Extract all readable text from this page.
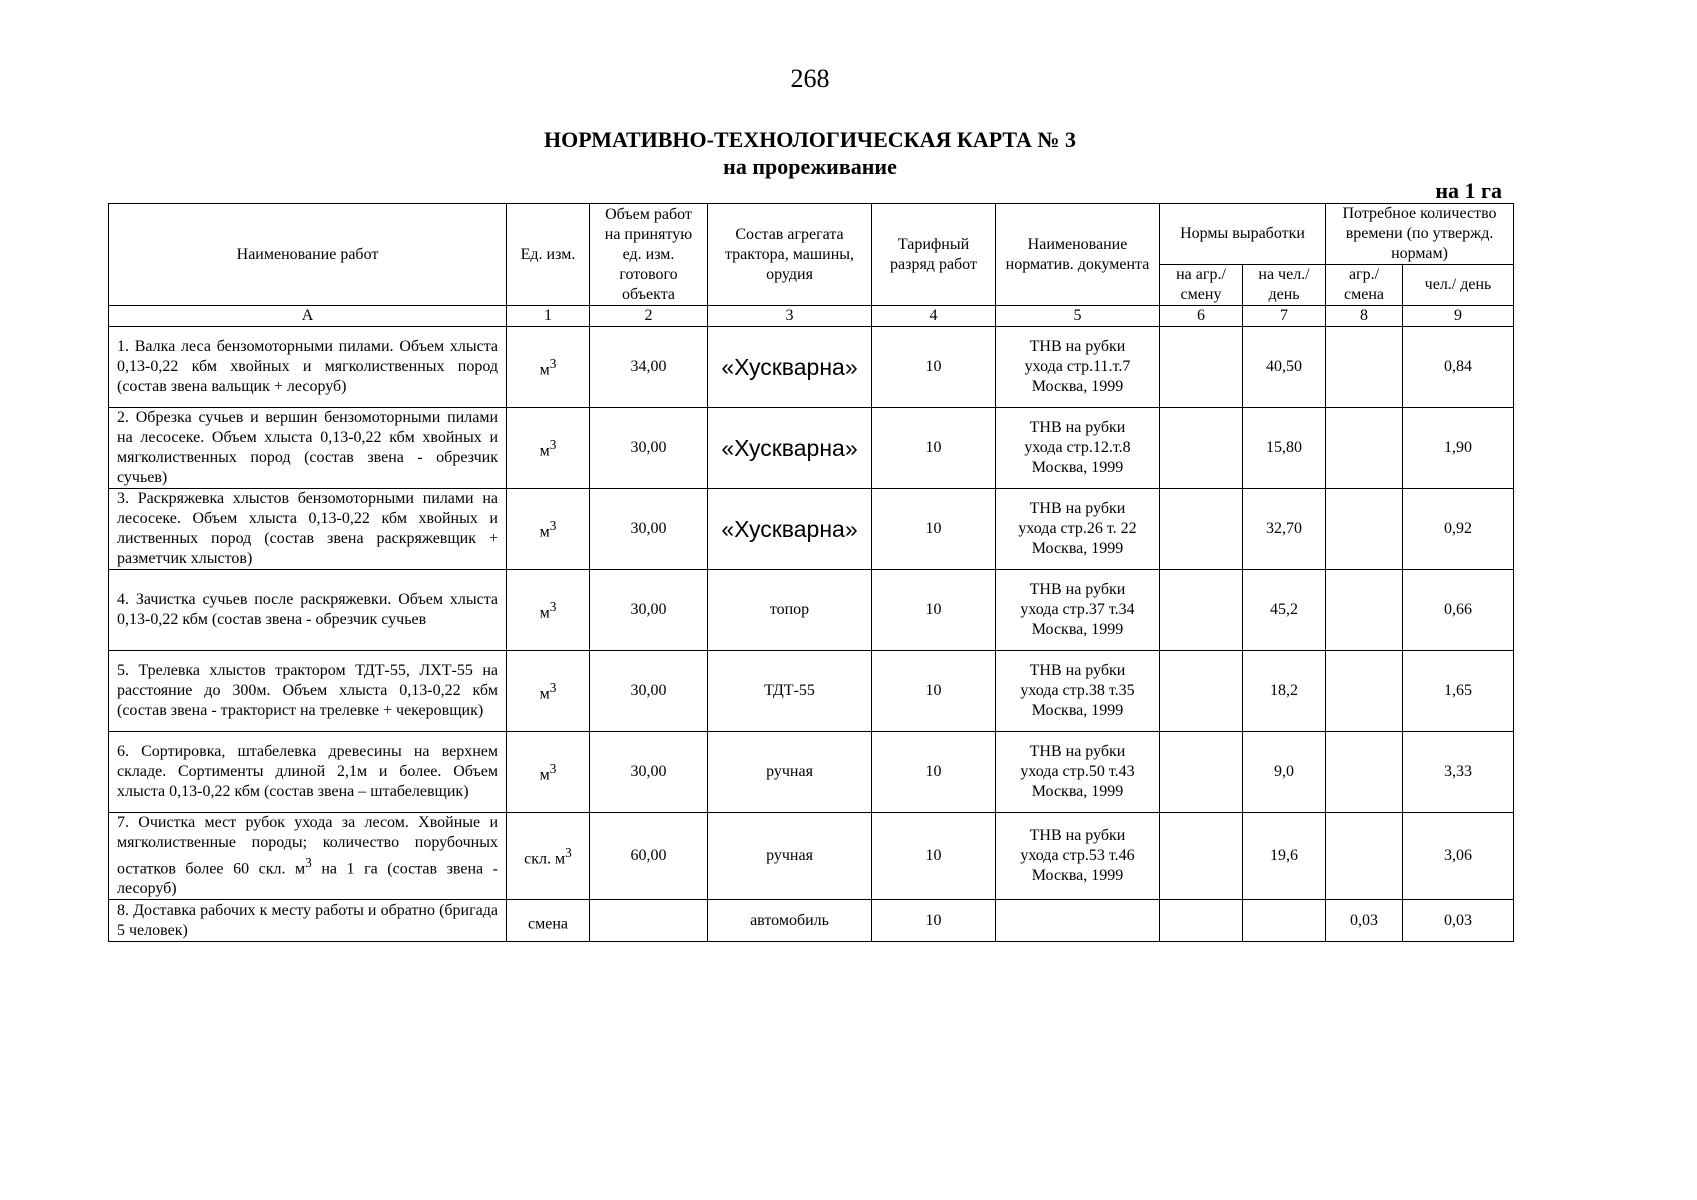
268
НОРМАТИВНО-ТЕХНОЛОГИЧЕСКАЯ КАРТА № 3
на прореживание
на 1 га
Наименование работ	Ед. изм.	Объем работ на принятую ед. изм. готового объекта	Состав агрегата трактора, машины, орудия	Тарифный разряд работ	Наименование норматив. документа	Нормы выработки		Потребное количество времени (по утвержд. нормам)	
						на агр./ смену	на чел./ день	агр./ смена	чел./ день
А	1	2	3	4	5	6	7	8	9
1. Валка леса бензомоторными пилами. Объем хлыста 0,13-0,22 кбм хвойных и мягколиственных пород (состав звена вальщик + лесоруб)	$м^3$	34,00	«Хускварна»	10	ТНВ на рубки
ухода стр.11.т.7
Москва, 1999		40,50		0,84
2. Обрезка сучьев и вершин бензомоторными пилами на лесосеке. Объем хлыста 0,13-0,22 кбм хвойных и мягколиственных пород (состав звена - обрезчик сучьев)	$м^3$	30,00	«Хускварна»	10	ТНВ на рубки
ухода стр.12.т.8
Москва, 1999		15,80		1,90
3. Раскряжевка хлыстов бензомоторными пилами на лесосеке. Объем хлыста 0,13-0,22 кбм хвойных и лиственных пород (состав звена раскряжевщик + разметчик хлыстов)	$м^3$	30,00	«Хускварна»	10	ТНВ на рубки
ухода стр.26 т. 22
Москва, 1999		32,70		0,92
4. Зачистка сучьев после раскряжевки. Объем хлыста 0,13-0,22 кбм (состав звена - обрезчик сучьев	$м^3$	30,00	топор	10	ТНВ на рубки
ухода стр.37 т.34
Москва, 1999		45,2		0,66
5. Трелевка хлыстов трактором ТДТ-55, ЛХТ-55 на расстояние до 300м. Объем хлыста 0,13-0,22 кбм (состав звена - тракторист на трелевке + чекеровщик)	$м^3$	30,00	ТДТ-55	10	ТНВ на рубки
ухода стр.38 т.35
Москва, 1999		18,2		1,65
6. Сортировка, штабелевка древесины на верхнем складе. Сортименты длиной 2,1м и более. Объем хлыста 0,13-0,22 кбм (состав звена – штабелевщик)	$м^3$	30,00	ручная	10	ТНВ на рубки
ухода стр.50 т.43
Москва, 1999		9,0		3,33
7. Очистка мест рубок ухода за лесом. Хвойные и мягколиственные породы; количество порубочных остатков более 60 скл. $м^3$ на 1 га (состав звена - лесоруб)	скл. $м^3$	60,00	ручная	10	ТНВ на рубки
ухода стр.53 т.46
Москва, 1999		19,6		3,06
8. Доставка рабочих к месту работы и обратно (бригада 5 человек)	смена		автомобиль	10				0,03	0,03
